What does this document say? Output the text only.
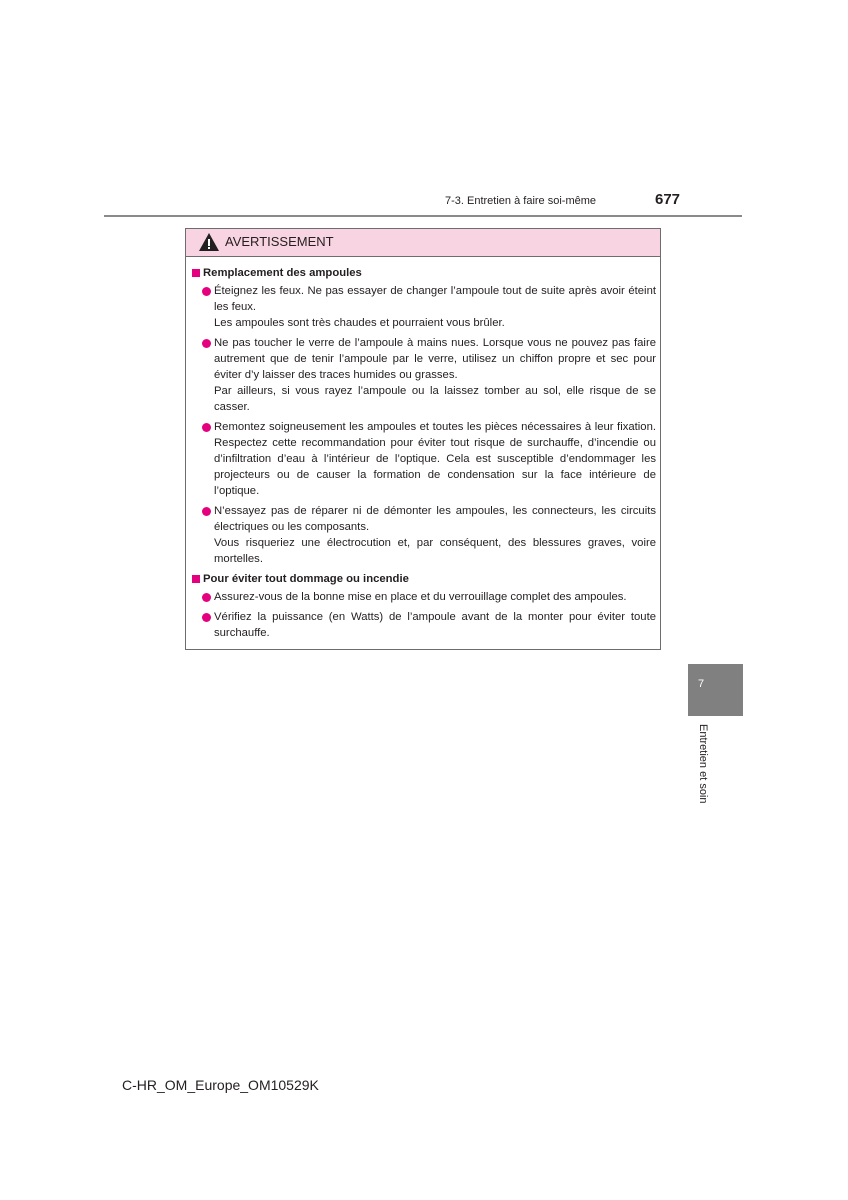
7-3. Entretien à faire soi-même	677
AVERTISSEMENT
Remplacement des ampoules

Éteignez les feux. Ne pas essayer de changer l’ampoule tout de suite après avoir éteint les feux.

Les ampoules sont très chaudes et pourraient vous brûler.

Ne pas toucher le verre de l’ampoule à mains nues. Lorsque vous ne pouvez pas faire autrement que de tenir l’ampoule par le verre, utilisez un chiffon propre et sec pour éviter d’y laisser des traces humides ou grasses.

Par ailleurs, si vous rayez l’ampoule ou la laissez tomber au sol, elle risque de se casser.

Remontez soigneusement les ampoules et toutes les pièces nécessaires à leur fixation. Respectez cette recommandation pour éviter tout risque de surchauffe, d’incendie ou d’infiltration d’eau à l’intérieur de l’optique. Cela est susceptible d’endommager les projecteurs ou de causer la formation de condensation sur la face intérieure de l’optique.

N’essayez pas de réparer ni de démonter les ampoules, les connecteurs, les circuits électriques ou les composants.

Vous risqueriez une électrocution et, par conséquent, des blessures graves, voire mortelles.

Pour éviter tout dommage ou incendie

Assurez-vous de la bonne mise en place et du verrouillage complet des ampoules.

Vérifiez la puissance (en Watts) de l’ampoule avant de la monter pour éviter toute surchauffe.

7
Entretien et soin
C-HR_OM_Europe_OM10529K
